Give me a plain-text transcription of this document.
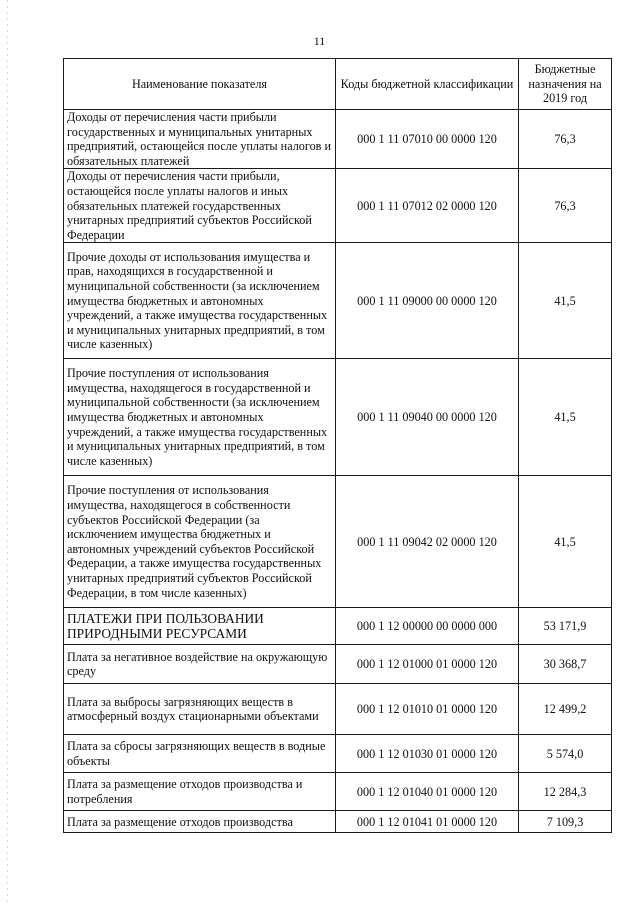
11
Наименование показателя	Коды бюджетной классификации	Бюджетные назначения на 2019 год
Доходы от перечисления части прибыли государственных и муниципальных унитарных предприятий, остающейся после уплаты налогов и обязательных платежей	000 1 11 07010 00 0000 120	76,3
Доходы от перечисления части прибыли, остающейся после уплаты налогов и иных обязательных платежей государственных унитарных предприятий субъектов Российской Федерации	000 1 11 07012 02 0000 120	76,3
Прочие доходы от использования имущества и прав, находящихся в государственной и муниципальной собственности (за исключением имущества бюджетных и автономных учреждений, а также имущества государственных и муниципальных унитарных предприятий, в том числе казенных)	000 1 11 09000 00 0000 120	41,5
Прочие поступления от использования имущества, находящегося в государственной и муниципальной собственности (за исключением имущества бюджетных и автономных учреждений, а также имущества государственных и муниципальных унитарных предприятий, в том числе казенных)	000 1 11 09040 00 0000 120	41,5
Прочие поступления от использования имущества, находящегося в собственности субъектов Российской Федерации (за исключением имущества бюджетных и автономных учреждений субъектов Российской Федерации, а также имущества государственных унитарных предприятий субъектов Российской Федерации, в том числе казенных)	000 1 11 09042 02 0000 120	41,5
ПЛАТЕЖИ ПРИ ПОЛЬЗОВАНИИ ПРИРОДНЫМИ РЕСУРСАМИ	000 1 12 00000 00 0000 000	53 171,9
Плата за негативное воздействие на окружающую среду	000 1 12 01000 01 0000 120	30 368,7
Плата за выбросы загрязняющих веществ в атмосферный воздух стационарными объектами	000 1 12 01010 01 0000 120	12 499,2
Плата за сбросы загрязняющих веществ в водные объекты	000 1 12 01030 01 0000 120	5 574,0
Плата за размещение отходов производства и потребления	000 1 12 01040 01 0000 120	12 284,3
Плата за размещение отходов производства	000 1 12 01041 01 0000 120	7 109,3
